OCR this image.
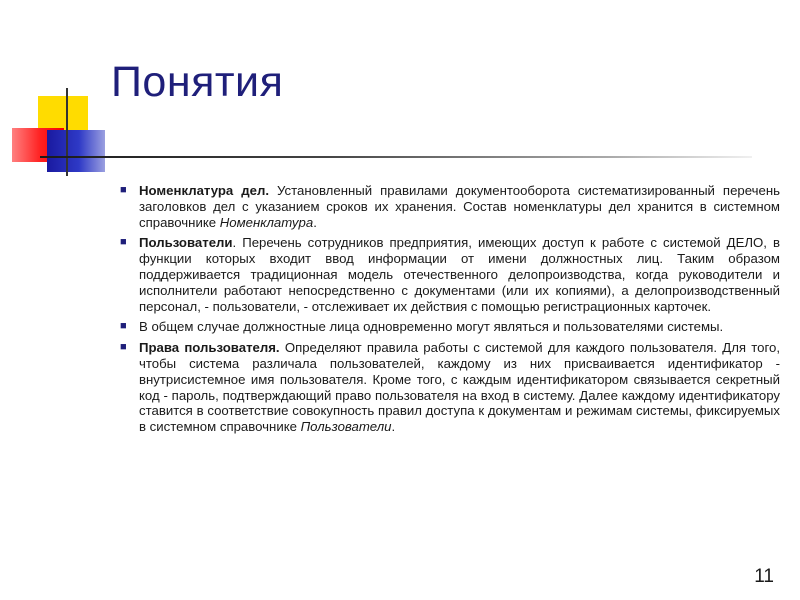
Понятия
■ Номенклатура дел. Установленный правилами документооборота систематизированный перечень заголовков дел с указанием сроков их хранения. Состав номенклатуры дел хранится в системном справочнике Номенклатура.
■ Пользователи. Перечень сотрудников предприятия, имеющих доступ к работе с системой ДЕЛО, в функции которых входит ввод информации от имени должностных лиц. Таким образом поддерживается традиционная модель отечественного делопроизводства, когда руководители и исполнители работают непосредственно с документами (или их копиями), а делопроизводственный персонал, - пользователи, - отслеживает их действия с помощью регистрационных карточек.
■ В общем случае должностные лица одновременно могут являться и пользователями системы.
■ Права пользователя. Определяют правила работы с системой для каждого пользователя. Для того, чтобы система различала пользователей, каждому из них присваивается идентификатор - внутрисистемное имя пользователя. Кроме того, с каждым идентификатором связывается секретный код - пароль, подтверждающий право пользователя на вход в систему. Далее каждому идентификатору ставится в соответствие совокупность правил доступа к документам и режимам системы, фиксируемых в системном справочнике Пользователи.
11
